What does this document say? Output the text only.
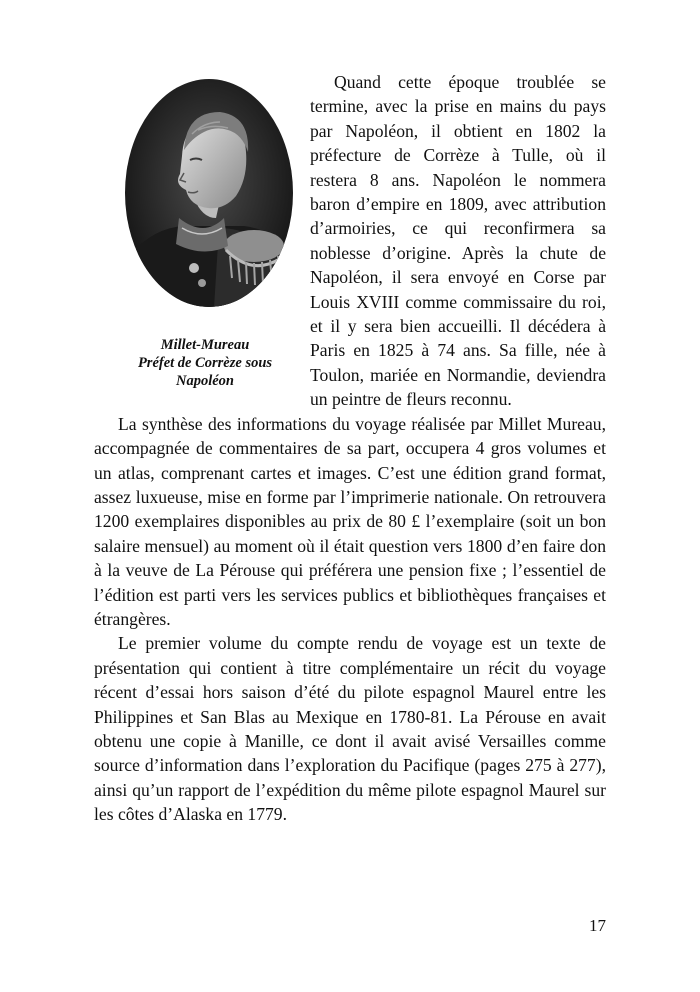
Millet-Mureau
Préfet de Corrèze sous
Napoléon

Quand cette époque troublée se termine, avec la prise en mains du pays par Napoléon, il obtient en 1802 la préfecture de Corrèze à Tulle, où il restera 8 ans. Napoléon le nommera baron d’empire en 1809, avec attribution d’armoiries, ce qui reconfirmera sa noblesse d’origine. Après la chute de Napoléon, il sera envoyé en Corse par Louis XVIII comme commissaire du roi, et il y sera bien accueilli. Il décédera à Paris en 1825 à 74 ans. Sa fille, née à Toulon, mariée en Normandie, deviendra un peintre de fleurs reconnu.

La synthèse des informations du voyage réalisée par Millet Mureau, accompagnée de commentaires de sa part, occupera 4 gros volumes et un atlas, comprenant cartes et images. C’est une édition grand format, assez luxueuse, mise en forme par l’imprimerie nationale. On retrouvera 1200 exemplaires disponibles au prix de 80 £ l’exemplaire (soit un bon salaire mensuel) au moment où il était question vers 1800 d’en faire don à la veuve de La Pérouse qui préférera une pension fixe ; l’essentiel de l’édition est parti vers les services publics et bibliothèques françaises et étrangères.

Le premier volume du compte rendu de voyage est un texte de présentation qui contient à titre complémentaire un récit du voyage récent d’essai hors saison d’été du pilote espagnol Maurel entre les Philippines et San Blas au Mexique en 1780-81. La Pérouse en avait obtenu une copie à Manille, ce dont il avait avisé Versailles comme source d’information dans l’exploration du Pacifique (pages 275 à 277), ainsi qu’un rapport de l’expédition du même pilote espagnol Maurel sur les côtes d’Alaska en 1779.

17
